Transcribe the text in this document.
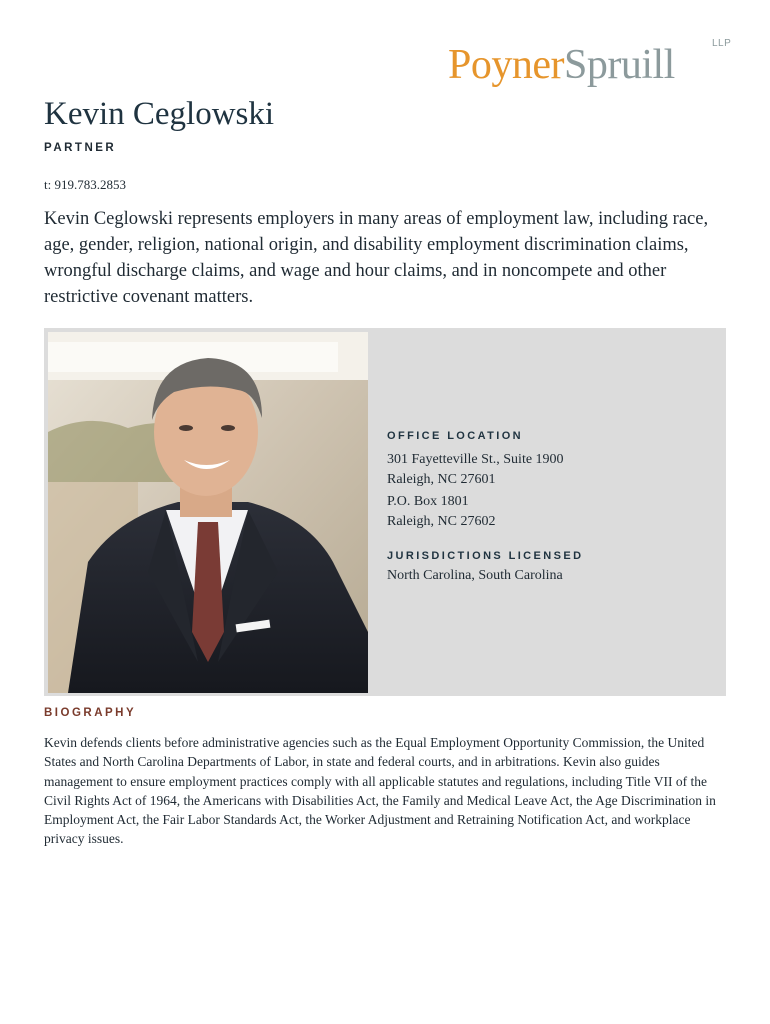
PoynerSpruill	LLP
Kevin Ceglowski
PARTNER
t: 919.783.2853

Kevin Ceglowski represents employers in many areas of employment law, including race, age, gender, religion, national origin, and disability employment discrimination claims, wrongful discharge claims, and wage and hour claims, and in noncompete and other restrictive covenant matters.

OFFICE LOCATION
301 Fayetteville St., Suite 1900
Raleigh, NC 27601
P.O. Box 1801
Raleigh, NC 27602
JURISDICTIONS LICENSED
North Carolina, South Carolina
BIOGRAPHY

Kevin defends clients before administrative agencies such as the Equal Employment Opportunity Commission, the United States and North Carolina Departments of Labor, in state and federal courts, and in arbitrations. Kevin also guides management to ensure employment practices comply with all applicable statutes and regulations, including Title VII of the Civil Rights Act of 1964, the Americans with Disabilities Act, the Family and Medical Leave Act, the Age Discrimination in Employment Act, the Fair Labor Standards Act, the Worker Adjustment and Retraining Notification Act, and workplace privacy issues.
